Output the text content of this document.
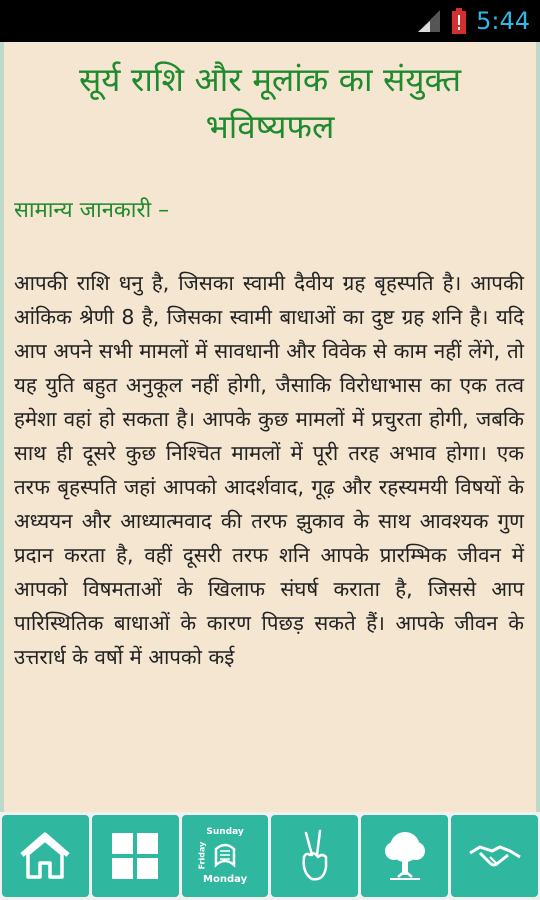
5:44
सूर्य राशि और मूलांक का संयुक्त भविष्यफल
सामान्य जानकारी –
आपकी राशि धनु है, जिसका स्वामी दैवीय ग्रह बृहस्पति है। आपकी आंकिक श्रेणी 8 है, जिसका स्वामी बाधाओं का दुष्ट ग्रह शनि है। यदि आप अपने सभी मामलों में सावधानी और विवेक से काम नहीं लेंगे, तो यह युति बहुत अनुकूल नहीं होगी, जैसाकि विरोधाभास का एक तत्व हमेशा वहां हो सकता है। आपके कुछ मामलों में प्रचुरता होगी, जबकि साथ ही दूसरे कुछ निश्चित मामलों में पूरी तरह अभाव होगा। एक तरफ बृहस्पति जहां आपको आदर्शवाद, गूढ़ और रहस्यमयी विषयों के अध्ययन और आध्यात्मवाद की तरफ झुकाव के साथ आवश्यक गुण प्रदान करता है, वहीं दूसरी तरफ शनि आपके प्रारम्भिक जीवन में आपको विषमताओं के खिलाफ संघर्ष कराता है, जिससे आप पारिस्थितिक बाधाओं के कारण पिछड़ सकते हैं। आपके जीवन के उत्तरार्ध के वर्षो में आपको कई
Sunday
Friday
Monday
